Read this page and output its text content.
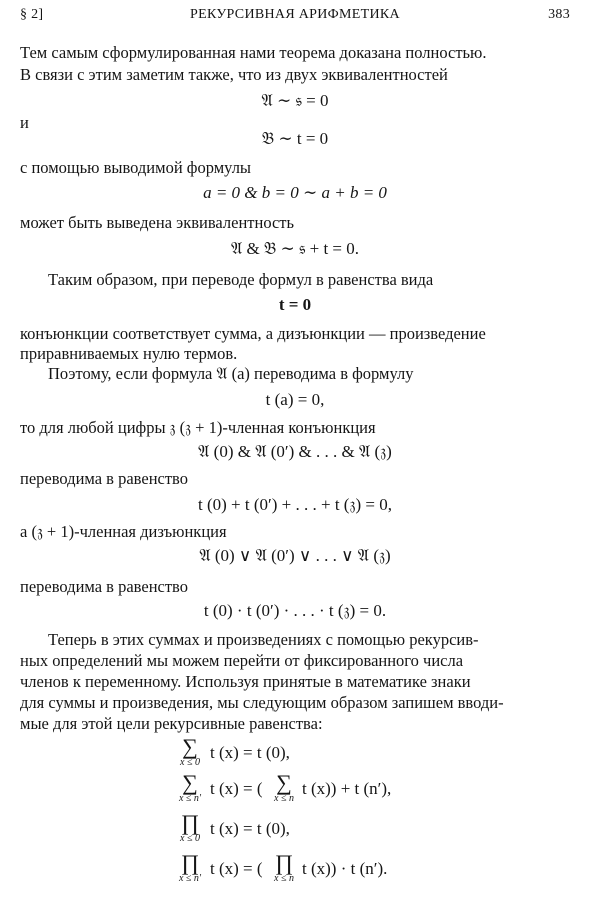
§ 2]	РЕКУРСИВНАЯ АРИФМЕТИКА	383
Тем самым сформулированная нами теорема доказана полностью.
В связи с этим заметим также, что из двух эквивалентностей
𝔄 ∼ 𝔰 = 0
и
𝔅 ∼ t = 0
с помощью выводимой формулы
a = 0 & b = 0 ∼ a + b = 0
может быть выведена эквивалентность
𝔄 & 𝔅 ∼ 𝔰 + t = 0.
Таким образом, при переводе формул в равенства вида
t = 0
конъюнкции соответствует сумма, а дизъюнкции — произведение
приравниваемых нулю термов.
Поэтому, если формула 𝔄 (a) переводима в формулу
t (a) = 0,
то для любой цифры 𝔷 (𝔷 + 1)-членная конъюнкция
𝔄 (0) & 𝔄 (0′) & . . . & 𝔄 (𝔷)
переводима в равенство
t (0) + t (0′) + . . . + t (𝔷) = 0,
а (𝔷 + 1)-членная дизъюнкция
𝔄 (0) ∨ 𝔄 (0′) ∨ . . . ∨ 𝔄 (𝔷)
переводима в равенство
t (0) · t (0′) · . . . · t (𝔷) = 0.
Теперь в этих суммах и произведениях с помощью рекурсив-
ных определений мы можем перейти от фиксированного числа
членов к переменному. Используя принятые в математике знаки
для суммы и произведения, мы следующим образом запишем вводи-
мые для этой цели рекурсивные равенства:
∑
x ≤ 0
t (x) = t (0),
∑
x ≤ n′
t (x) = ( ∑
x ≤ n
t (x)) + t (n′),
∏
x ≤ 0
t (x) = t (0),
∏
x ≤ n′
t (x) = ( ∏
x ≤ n
t (x)) · t (n′).
